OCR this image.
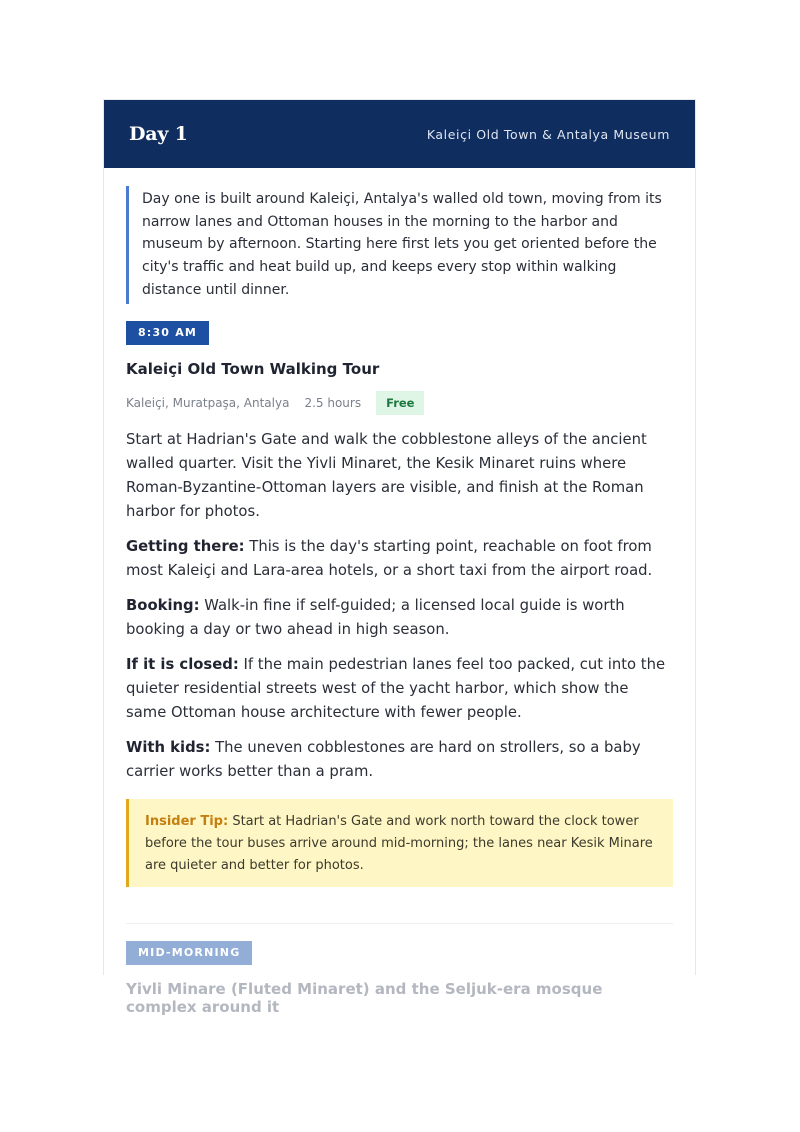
Day 1	Kaleiçi Old Town & Antalya Museum
Day one is built around Kaleiçi, Antalya's walled old town, moving from its narrow lanes and Ottoman houses in the morning to the harbor and museum by afternoon. Starting here first lets you get oriented before the city's traffic and heat build up, and keeps every stop within walking distance until dinner.
8:30 AM
Kaleiçi Old Town Walking Tour
Kaleiçi, Muratpaşa, Antalya 2.5 hours	Free
Start at Hadrian's Gate and walk the cobblestone alleys of the ancient walled quarter. Visit the Yivli Minaret, the Kesik Minaret ruins where Roman-Byzantine-Ottoman layers are visible, and finish at the Roman harbor for photos.
Getting there: This is the day's starting point, reachable on foot from most Kaleiçi and Lara-area hotels, or a short taxi from the airport road.
Booking: Walk-in fine if self-guided; a licensed local guide is worth booking a day or two ahead in high season.
If it is closed: If the main pedestrian lanes feel too packed, cut into the quieter residential streets west of the yacht harbor, which show the same Ottoman house architecture with fewer people.
With kids: The uneven cobblestones are hard on strollers, so a baby carrier works better than a pram.
Insider Tip: Start at Hadrian's Gate and work north toward the clock tower before the tour buses arrive around mid-morning; the lanes near Kesik Minare are quieter and better for photos.
MID-MORNING
Yivli Minare (Fluted Minaret) and the Seljuk-era mosque complex around it
